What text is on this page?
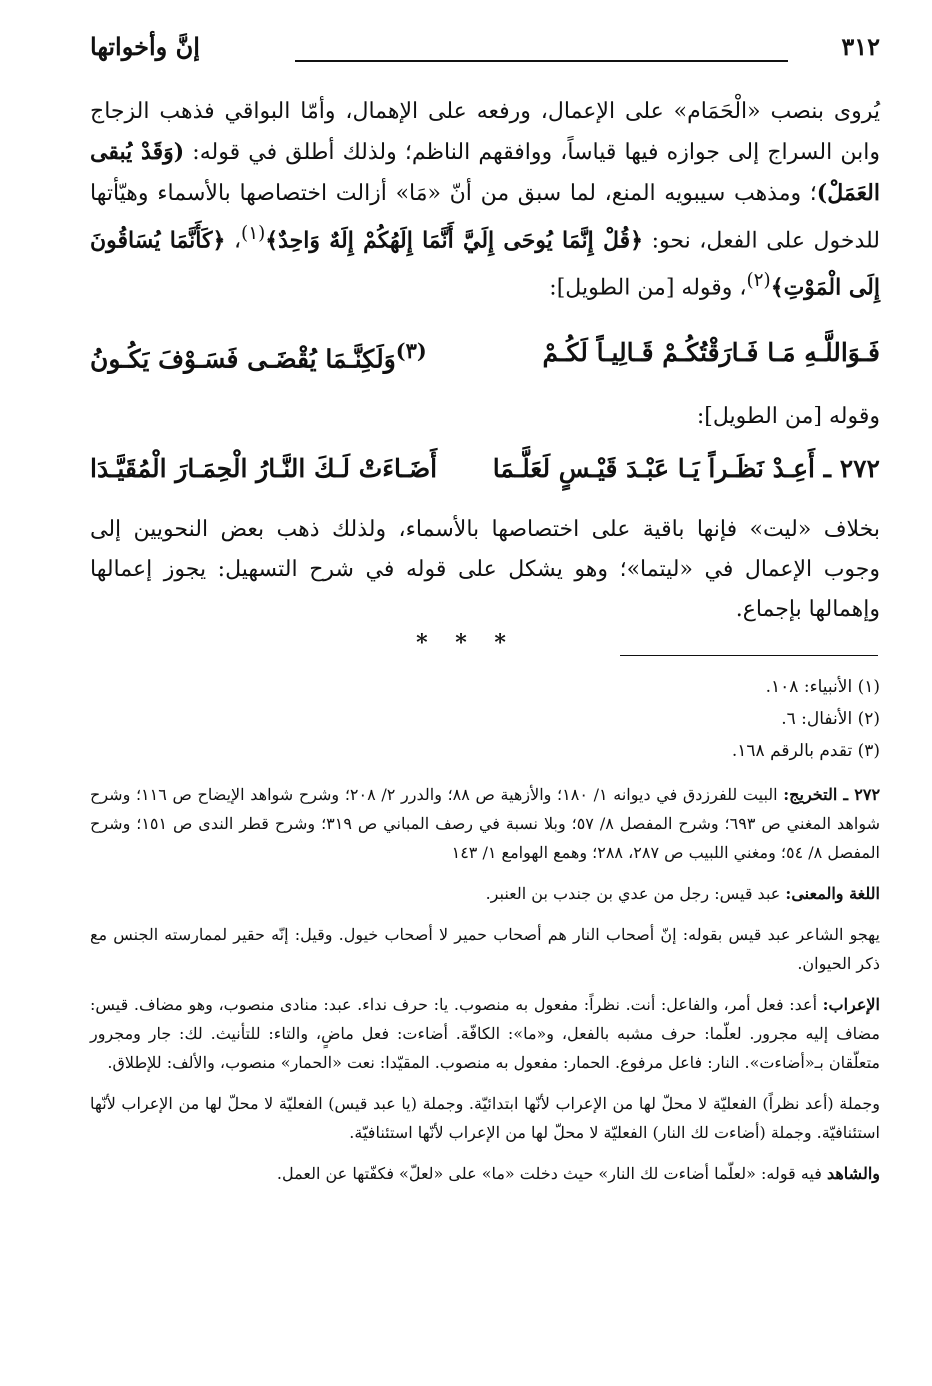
٣١٢
إنَّ وأخواتها

يُروى بنصب «الْحَمَام» على الإعمال، ورفعه على الإهمال، وأمّا البواقي فذهب الزجاج وابن السراج إلى جوازه فيها قياساً، ووافقهم الناظم؛ ولذلك أطلق في قوله: (وَقَدْ يُبقى العَمَلْ)؛ ومذهب سيبويه المنع، لما سبق من أنّ «مَا» أزالت اختصاصها بالأسماء وهيّأتها للدخول على الفعل، نحو: ﴿قُلْ إِنَّمَا يُوحَى إِلَيَّ أَنَّمَا إِلَهُكُمْ إِلَهٌ وَاحِدٌ﴾$^{(١)}$، ﴿كَأَنَّمَا يُسَاقُونَ إِلَى الْمَوْتِ﴾$^{(٢)}$، وقوله [من الطويل]:

فَـوَاللَّـهِ مَـا فَـارَقْتُكُـمْ قَـالِيـاً لَكُـمْ
$^{(٣)}$وَلَكِنَّـمَا يُقْضَـى فَسَـوْفَ يَكُـونُ
وقوله [من الطويل]:
٢٧٢ ـ أَعِـدْ نَظَـراً يَـا عَبْـدَ قَيْـسٍ لَعَلَّـمَا
أَضَـاءَتْ لَـكَ النَّـارُ الْحِمَـارَ الْمُقَيَّـدَا
بخلاف «ليت» فإنها باقية على اختصاصها بالأسماء، ولذلك ذهب بعض النحويين إلى وجوب الإعمال في «ليتما»؛ وهو يشكل على قوله في شرح التسهيل: يجوز إعمالها وإهمالها بإجماع.
* * *
(١) الأنبياء: ١٠٨.
(٢) الأنفال: ٦.
(٣) تقدم بالرقم ١٦٨.

٢٧٢ ـ التخريج: البيت للفرزدق في ديوانه ١/ ١٨٠؛ والأزهية ص ٨٨؛ والدرر ٢/ ٢٠٨؛ وشرح شواهد الإيضاح ص ١١٦؛ وشرح شواهد المغني ص ٦٩٣؛ وشرح المفصل ٨/ ٥٧؛ وبلا نسبة في رصف المباني ص ٣١٩؛ وشرح قطر الندى ص ١٥١؛ وشرح المفصل ٨/ ٥٤؛ ومغني اللبيب ص ٢٨٧، ٢٨٨؛ وهمع الهوامع ١/ ١٤٣

اللغة والمعنى: عبد قيس: رجل من عدي بن جندب بن العنبر.

يهجو الشاعر عبد قيس بقوله: إنّ أصحاب النار هم أصحاب حمير لا أصحاب خيول. وقيل: إنّه حقير لممارسته الجنس مع ذكر الحيوان.

الإعراب: أعد: فعل أمر، والفاعل: أنت. نظراً: مفعول به منصوب. يا: حرف نداء. عبد: منادى منصوب، وهو مضاف. قيس: مضاف إليه مجرور. لعلّما: حرف مشبه بالفعل، و«ما»: الكافّة. أضاءت: فعل ماضٍ، والتاء: للتأنيث. لك: جار ومجرور متعلّقان بـ«أضاءت». النار: فاعل مرفوع. الحمار: مفعول به منصوب. المقيّدا: نعت «الحمار» منصوب، والألف: للإطلاق.

وجملة (أعد نظراً) الفعليّة لا محلّ لها من الإعراب لأنّها ابتدائيّة. وجملة (يا عبد قيس) الفعليّة لا محلّ لها من الإعراب لأنّها استئنافيّة. وجملة (أضاءت لك النار) الفعليّة لا محلّ لها من الإعراب لأنّها استئنافيّة.

والشاهد فيه قوله: «لعلّما أضاءت لك النار» حيث دخلت «ما» على «لعلّ» فكفّتها عن العمل.
